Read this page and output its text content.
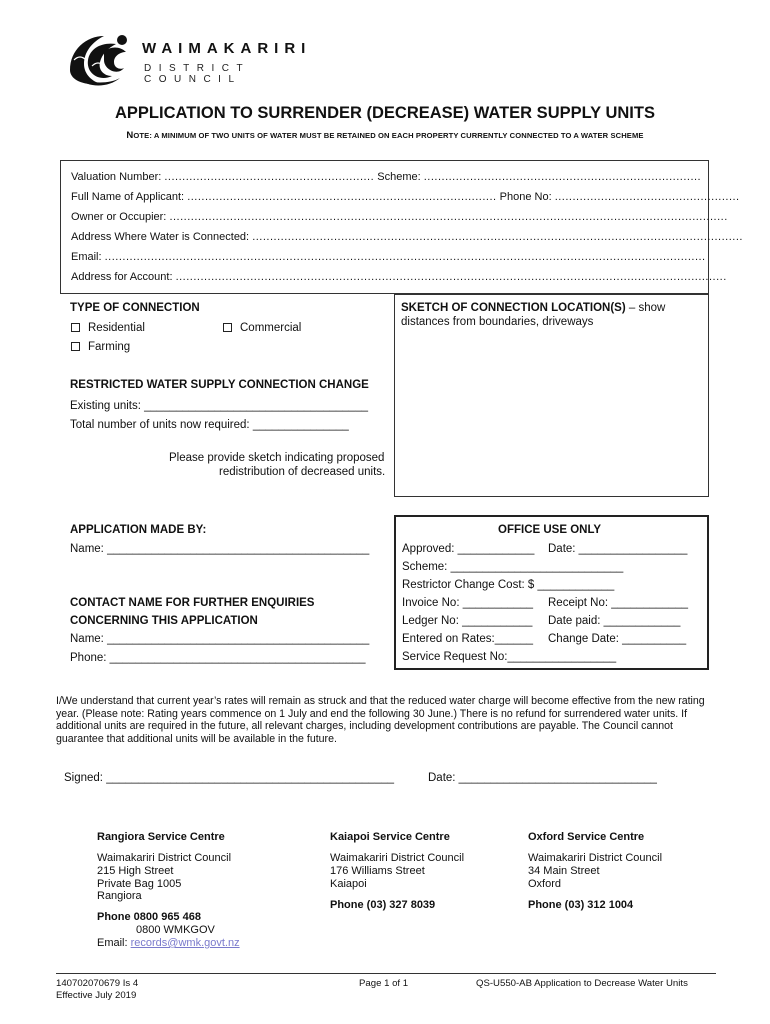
WAIMAKARIRI
DISTRICT COUNCIL
APPLICATION TO SURRENDER (DECREASE) WATER SUPPLY UNITS
NOTE: A MINIMUM OF TWO UNITS OF WATER MUST BE RETAINED ON EACH PROPERTY CURRENTLY CONNECTED TO A WATER SCHEME
Valuation Number: ........................................................... Scheme: ..............................................................................
Full Name of Applicant: ....................................................................................... Phone No: ....................................................
Owner or Occupier: .............................................................................................................................................................
Address Where Water is Connected: ..........................................................................................................................................
Email: .........................................................................................................................................................................
Address for Account: ...........................................................................................................................................................
TYPE OF CONNECTION
Residential	Commercial
Farming
SKETCH OF CONNECTION LOCATION(S) – show
distances from boundaries, driveways
RESTRICTED WATER SUPPLY CONNECTION CHANGE
Existing units: ___________________________________
Total number of units now required: _______________
Please provide sketch indicating proposed
redistribution of decreased units.
APPLICATION MADE BY:
Name: _________________________________________
CONTACT NAME FOR FURTHER ENQUIRIES
CONCERNING THIS APPLICATION
Name: _________________________________________
Phone: ________________________________________
OFFICE USE ONLY
Approved: ____________ Date: _________________
Scheme: ___________________________
Restrictor Change Cost: $ ____________
Invoice No: ___________ Receipt No: ____________
Ledger No: ___________ Date paid: ____________
Entered on Rates:______ Change Date: __________
Service Request No:_________________
I/We understand that current year’s rates will remain as struck and that the reduced water charge will become effective from the new rating year. (Please note: Rating years commence on 1 July and end the following 30 June.) There is no refund for surrendered water units. If additional units are required in the future, all relevant charges, including development contributions are payable. The Council cannot guarantee that additional units will be available in the future.
Signed: _____________________________________________	Date: _______________________________
Rangiora Service Centre
Waimakariri District Council
215 High Street
Private Bag 1005
Rangiora
Phone 0800 965 468
0800 WMKGOV
Email: records@wmk.govt.nz
Kaiapoi Service Centre
Waimakariri District Council
176 Williams Street
Kaiapoi
Phone (03) 327 8039
Oxford Service Centre
Waimakariri District Council
34 Main Street
Oxford
Phone (03) 312 1004
140702070679 Is 4
Effective July 2019
Page 1 of 1	QS-U550-AB Application to Decrease Water Units
